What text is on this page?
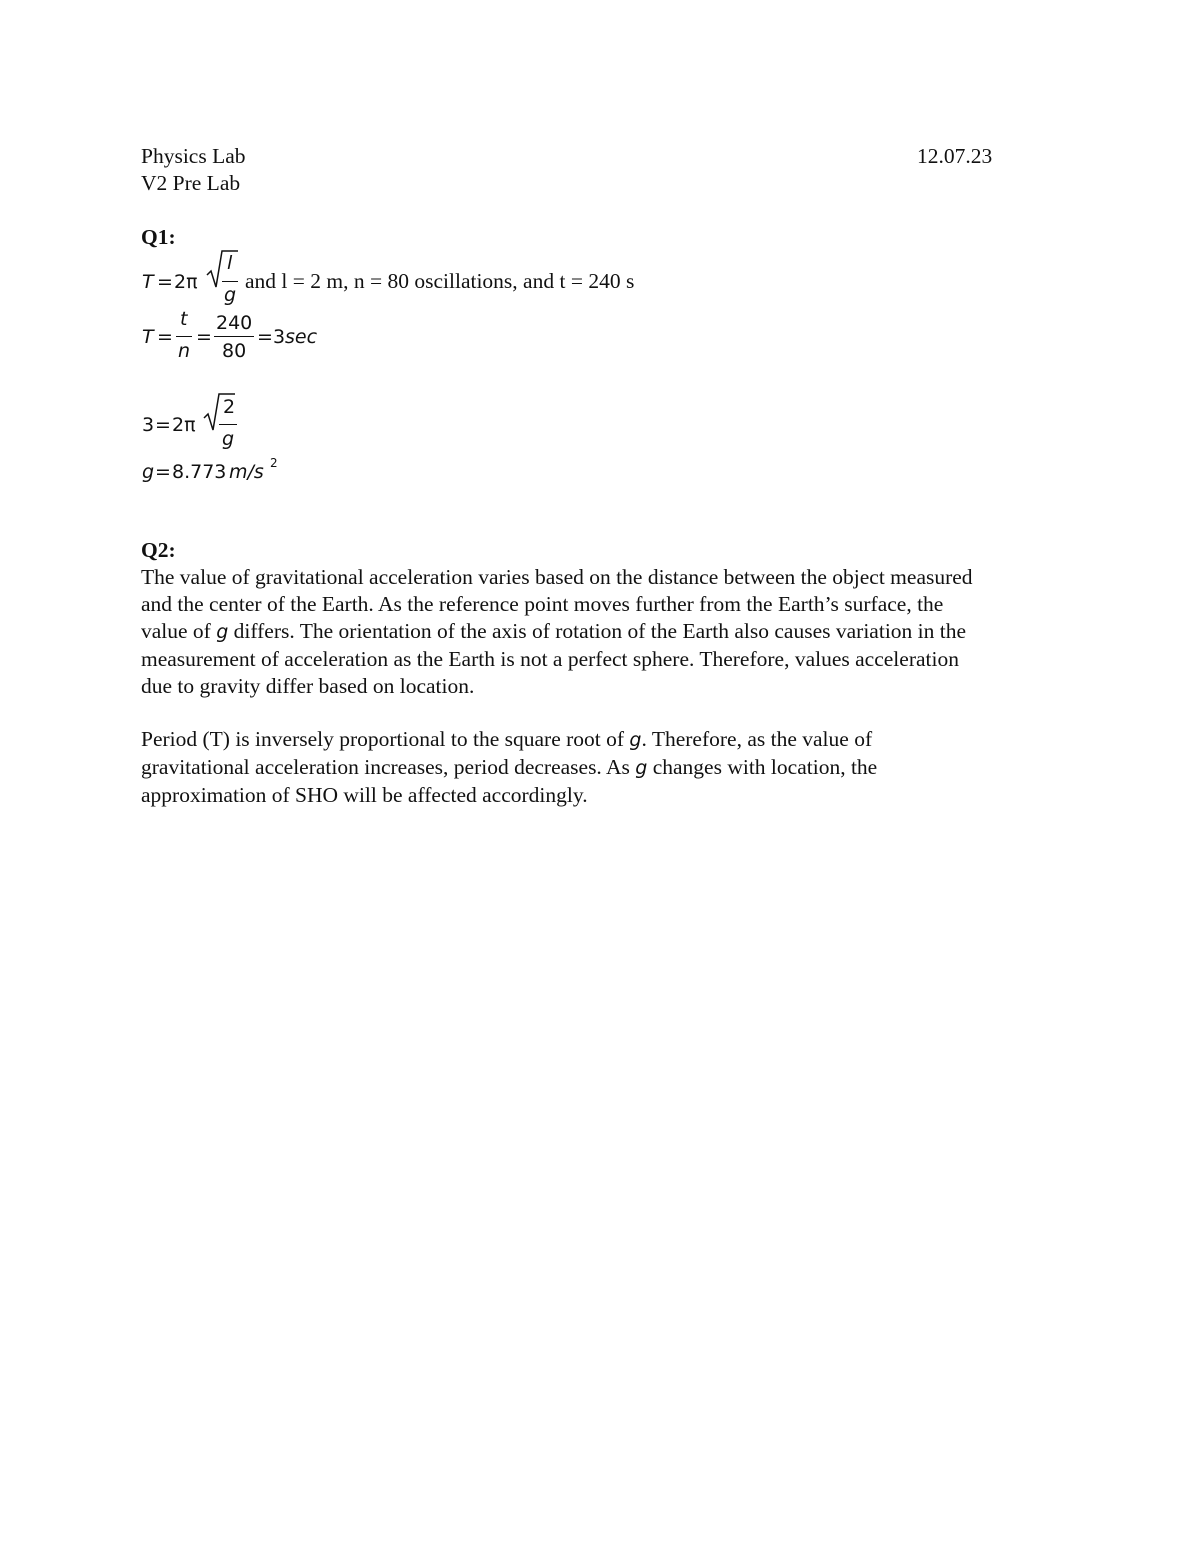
Physics Lab	12.07.23
V2 Pre Lab
Q1:
T = 2π
l
g
and l = 2 m, n = 80 oscillations, and t = 240 s
T =
t
n
=
240
80
= 3 sec
3 = 2π
2
g
g = 8.773 m/s 2
Q2:
The value of gravitational acceleration varies based on the distance between the object measured
and the center of the Earth. As the reference point moves further from the Earth’s surface, the
value of g differs. The orientation of the axis of rotation of the Earth also causes variation in the
measurement of acceleration as the Earth is not a perfect sphere. Therefore, values acceleration
due to gravity differ based on location.
Period (T) is inversely proportional to the square root of g. Therefore, as the value of
gravitational acceleration increases, period decreases. As g changes with location, the
approximation of SHO will be affected accordingly.
